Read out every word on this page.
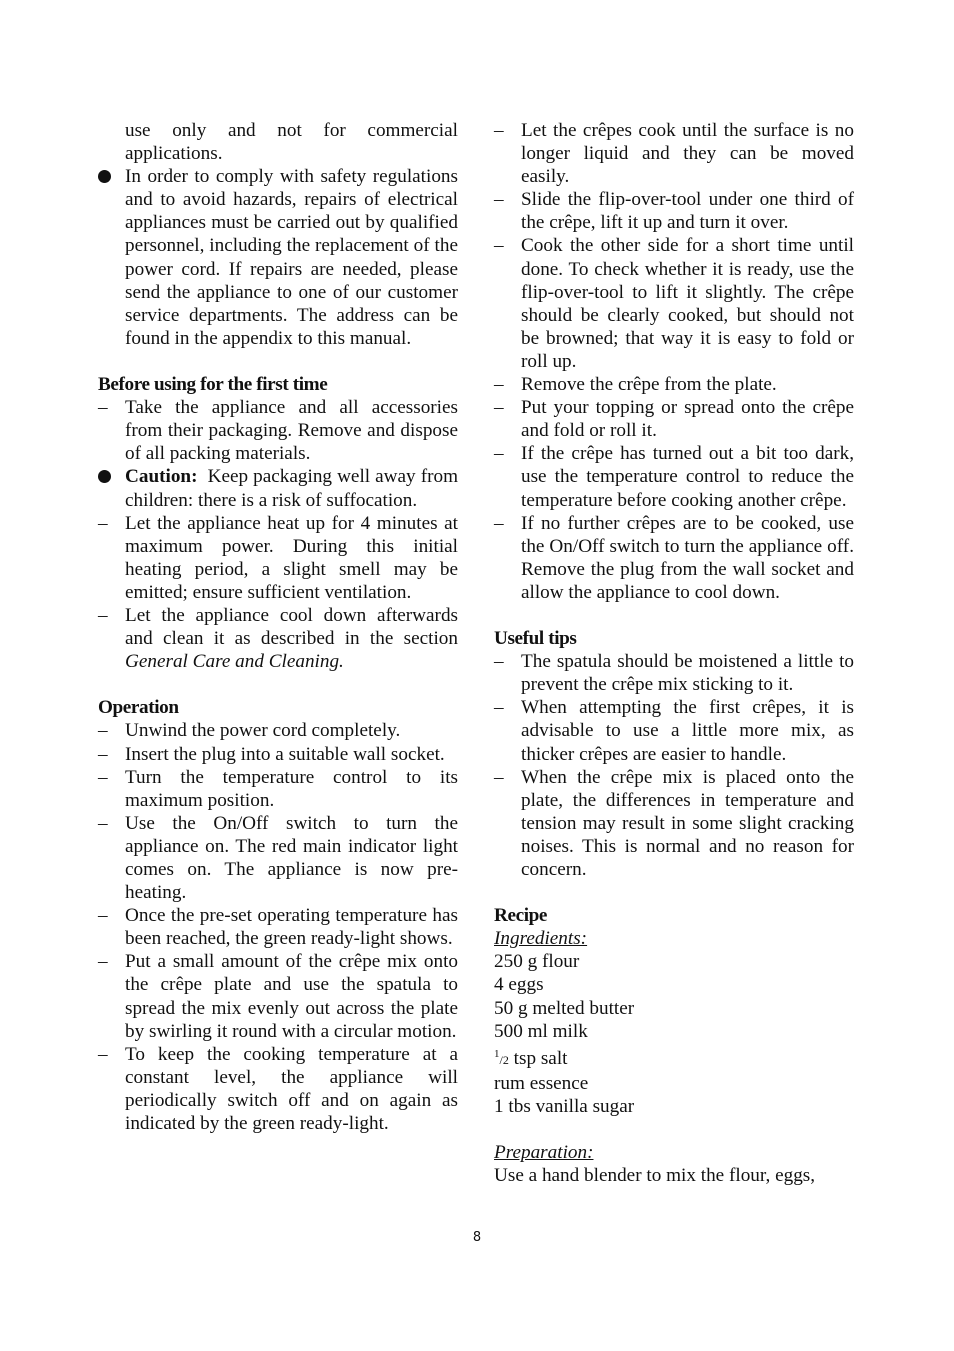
use only and not for commercial applications.

In order to comply with safety regulations and to avoid hazards, repairs of electrical appliances must be carried out by qualified personnel, including the replacement of the power cord. If repairs are needed, please send the appliance to one of our customer service departments. The address can be found in the appendix to this manual.

Before using for the first time

– Take the appliance and all accessories from their packaging. Remove and dispose of all packing materials.
Caution: Keep packaging well away from children: there is a risk of suffocation.
– Let the appliance heat up for 4 minutes at maximum power. During this initial heating period, a slight smell may be emitted; ensure sufficient ventilation.
– Let the appliance cool down afterwards and clean it as described in the section General Care and Cleaning.

Operation

– Unwind the power cord completely.
– Insert the plug into a suitable wall socket.
– Turn the temperature control to its maximum position.
– Use the On/Off switch to turn the appliance on. The red main indicator light comes on. The appliance is now pre-heating.
– Once the pre-set operating temperature has been reached, the green ready-light shows.
– Put a small amount of the crêpe mix onto the crêpe plate and use the spatula to spread the mix evenly out across the plate by swirling it round with a circular motion.
– To keep the cooking temperature at a constant level, the appliance will periodically switch off and on again as indicated by the green ready-light.
– Let the crêpes cook until the surface is no longer liquid and they can be moved easily.
– Slide the flip-over-tool under one third of the crêpe, lift it up and turn it over.
– Cook the other side for a short time until done. To check whether it is ready, use the flip-over-tool to lift it slightly. The crêpe should be clearly cooked, but should not be browned; that way it is easy to fold or roll up.
– Remove the crêpe from the plate.
– Put your topping or spread onto the crêpe and fold or roll it.
– If the crêpe has turned out a bit too dark, use the temperature control to reduce the temperature before cooking another crêpe.
– If no further crêpes are to be cooked, use the On/Off switch to turn the appliance off. Remove the plug from the wall socket and allow the appliance to cool down.

Useful tips

– The spatula should be moistened a little to prevent the crêpe mix sticking to it.
– When attempting the first crêpes, it is advisable to use a little more mix, as thicker crêpes are easier to handle.
– When the crêpe mix is placed onto the plate, the differences in temperature and tension may result in some slight cracking noises. This is normal and no reason for concern.

Recipe

Ingredients:

250 g flour

4 eggs

50 g melted butter

500 ml milk

$^1$/2 tsp salt

rum essence

1 tbs vanilla sugar

Preparation:

Use a hand blender to mix the flour, eggs,

8
